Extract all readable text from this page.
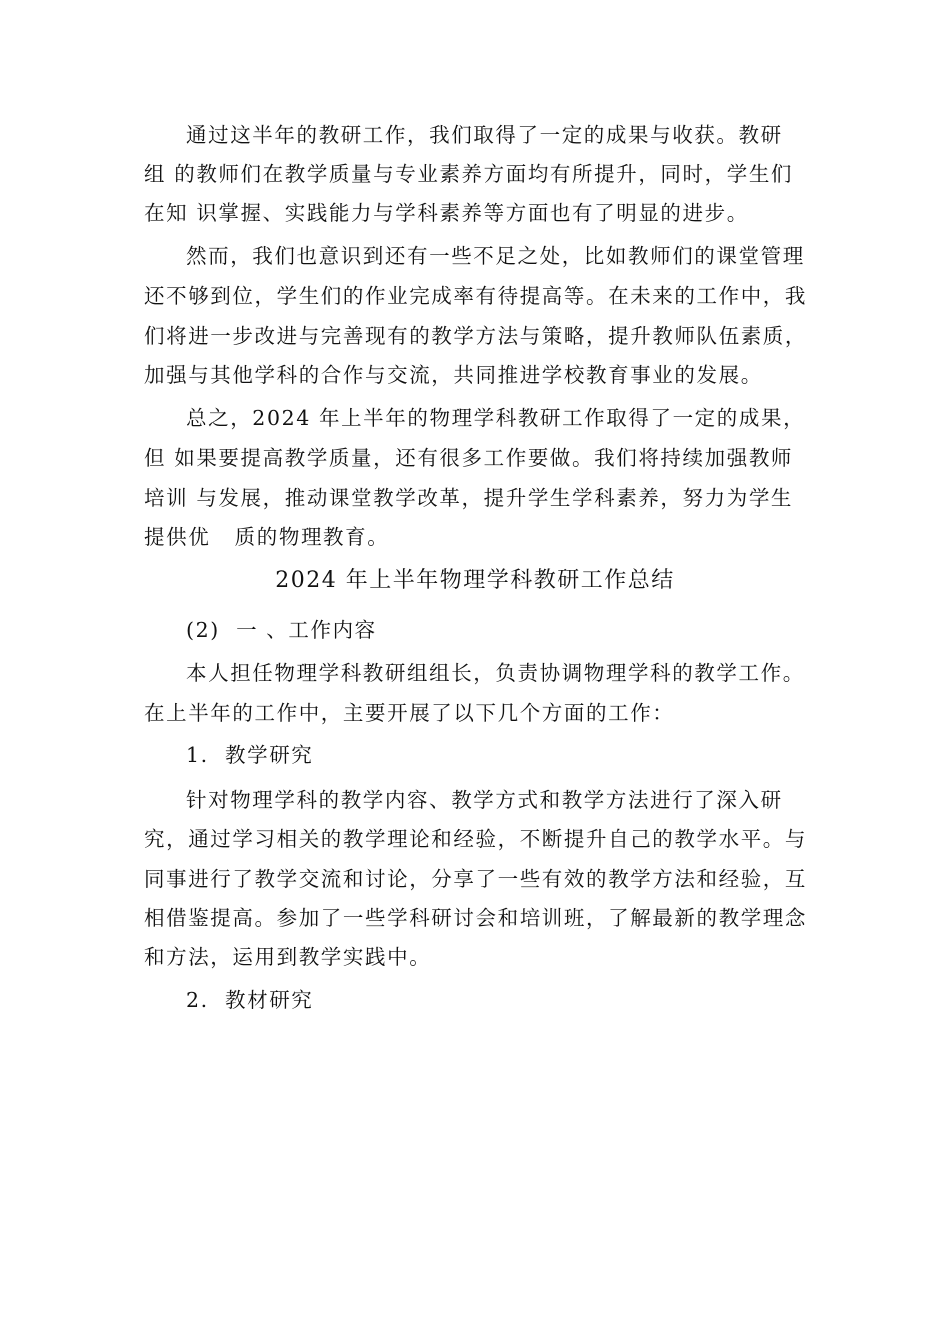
通过这半年的教研工作，我们取得了一定的成果与收获。教研
组 的教师们在教学质量与专业素养方面均有所提升，同时，学生们
在知 识掌握、实践能力与学科素养等方面也有了明显的进步。
然而，我们也意识到还有一些不足之处，比如教师们的课堂管理
还不够到位，学生们的作业完成率有待提高等。在未来的工作中，我
们将进一步改进与完善现有的教学方法与策略，提升教师队伍素质，
加强与其他学科的合作与交流，共同推进学校教育事业的发展。
总之，2024 年上半年的物理学科教研工作取得了一定的成果，
但 如果要提高教学质量，还有很多工作要做。我们将持续加强教师
培训 与发展，推动课堂教学改革，提升学生学科素养，努力为学生
提供优   质的物理教育。
2024 年上半年物理学科教研工作总结
(2)  一 、工作内容
本人担任物理学科教研组组长，负责协调物理学科的教学工作。
在上半年的工作中，主要开展了以下几个方面的工作：
1.  教学研究
针对物理学科的教学内容、教学方式和教学方法进行了深入研
究，通过学习相关的教学理论和经验，不断提升自己的教学水平。与
同事进行了教学交流和讨论，分享了一些有效的教学方法和经验，互
相借鉴提高。参加了一些学科研讨会和培训班，了解最新的教学理念
和方法，运用到教学实践中。
2.  教材研究
